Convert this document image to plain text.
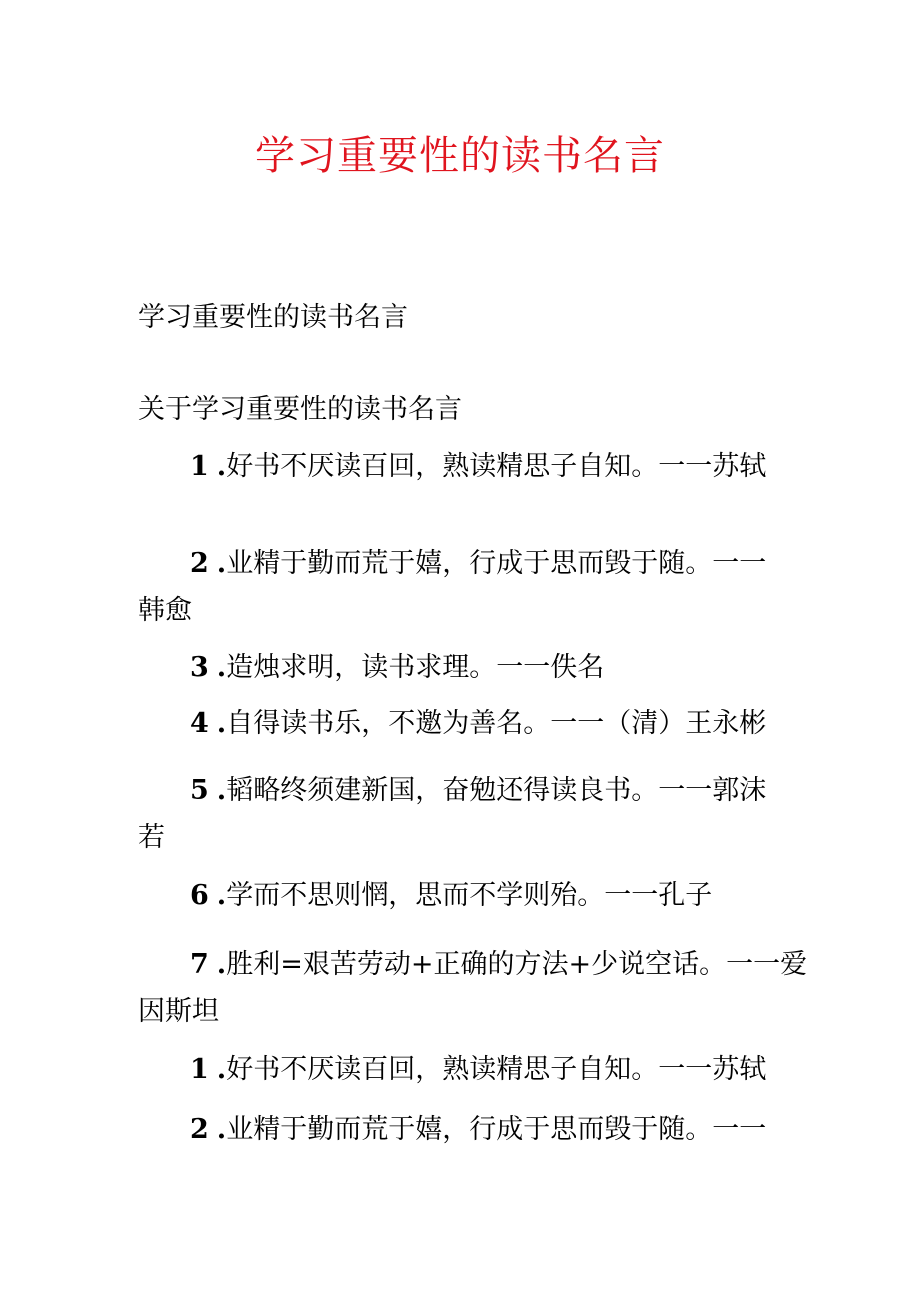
学习重要性的读书名言
学习重要性的读书名言
关于学习重要性的读书名言
1 .好书不厌读百回，熟读精思子自知。一一苏轼
2 .业精于勤而荒于嬉，行成于思而毁于随。一一
韩愈
3 .造烛求明，读书求理。一一佚名
4 .自得读书乐，不邀为善名。一一（清）王永彬
5 .韬略终须建新国，奋勉还得读良书。一一郭沫
若
6 .学而不思则惘，思而不学则殆。一一孔子
7 .胜利=艰苦劳动+正确的方法+少说空话。一一爱
因斯坦
1 .好书不厌读百回，熟读精思子自知。一一苏轼
2 .业精于勤而荒于嬉，行成于思而毁于随。一一
